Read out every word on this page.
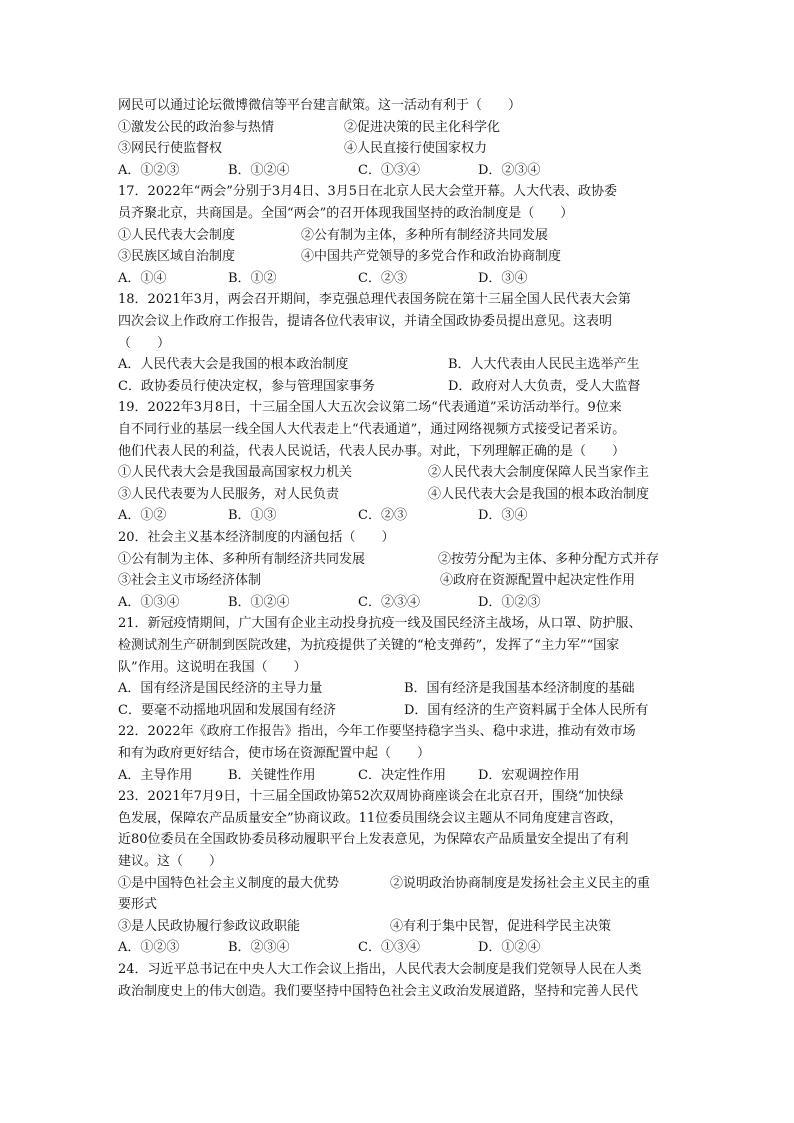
网民可以通过论坛微博微信等平台建言献策。这一活动有利于（　　）
①激发公民的政治参与热情	②促进决策的民主化科学化
③网民行使监督权	④人民直接行使国家权力
A．①②③	B．①②④	C．①③④	D．②③④
17．2022年“两会”分别于3月4日、3月5日在北京人民大会堂开幕。人大代表、政协委
员齐聚北京，共商国是。全国“两会”的召开体现我国坚持的政治制度是（　　）
①人民代表大会制度	②公有制为主体，多种所有制经济共同发展
③民族区域自治制度	④中国共产党领导的多党合作和政治协商制度
A．①④	B．①②	C．②③	D．③④
18．2021年3月，两会召开期间，李克强总理代表国务院在第十三届全国人民代表大会第
四次会议上作政府工作报告，提请各位代表审议，并请全国政协委员提出意见。这表明
（　　）
A．人民代表大会是我国的根本政治制度	B．人大代表由人民民主选举产生
C．政协委员行使决定权，参与管理国家事务	D．政府对人大负责，受人大监督
19．2022年3月8日，十三届全国人大五次会议第二场“代表通道”采访活动举行。9位来
自不同行业的基层一线全国人大代表走上“代表通道”，通过网络视频方式接受记者采访。
他们代表人民的利益，代表人民说话，代表人民办事。对此，下列理解正确的是（　　）
①人民代表大会是我国最高国家权力机关	②人民代表大会制度保障人民当家作主
③人民代表要为人民服务，对人民负责	④人民代表大会是我国的根本政治制度
A．①②	B．①③	C．②③	D．③④
20．社会主义基本经济制度的内涵包括（　　）
①公有制为主体、多种所有制经济共同发展	②按劳分配为主体、多种分配方式并存
③社会主义市场经济体制	④政府在资源配置中起决定性作用
A．①③④	B．①②④	C．②③④	D．①②③
21．新冠疫情期间，广大国有企业主动投身抗疫一线及国民经济主战场，从口罩、防护服、
检测试剂生产研制到医院改建，为抗疫提供了关键的“枪支弹药”，发挥了“主力军”“国家
队”作用。这说明在我国（　　）
A．国有经济是国民经济的主导力量	B．国有经济是我国基本经济制度的基础
C．要毫不动摇地巩固和发展国有经济	D．国有经济的生产资料属于全体人民所有
22．2022年《政府工作报告》指出，今年工作要坚持稳字当头、稳中求进，推动有效市场
和有为政府更好结合，使市场在资源配置中起（　　）
A．主导作用	B．关键性作用	C．决定性作用 D．宏观调控作用
23．2021年7月9日，十三届全国政协第52次双周协商座谈会在北京召开，围绕“加快绿
色发展，保障农产品质量安全”协商议政。11位委员围绕会议主题从不同角度建言咨政，
近80位委员在全国政协委员移动履职平台上发表意见，为保障农产品质量安全提出了有利
建议。这（　　）
①是中国特色社会主义制度的最大优势	②说明政治协商制度是发扬社会主义民主的重
要形式
③是人民政协履行参政议政职能	④有利于集中民智，促进科学民主决策
A．①②③	B．②③④	C．①③④	D．①②④
24．习近平总书记在中央人大工作会议上指出，人民代表大会制度是我们党领导人民在人类
政治制度史上的伟大创造。我们要坚持中国特色社会主义政治发展道路，坚持和完善人民代
